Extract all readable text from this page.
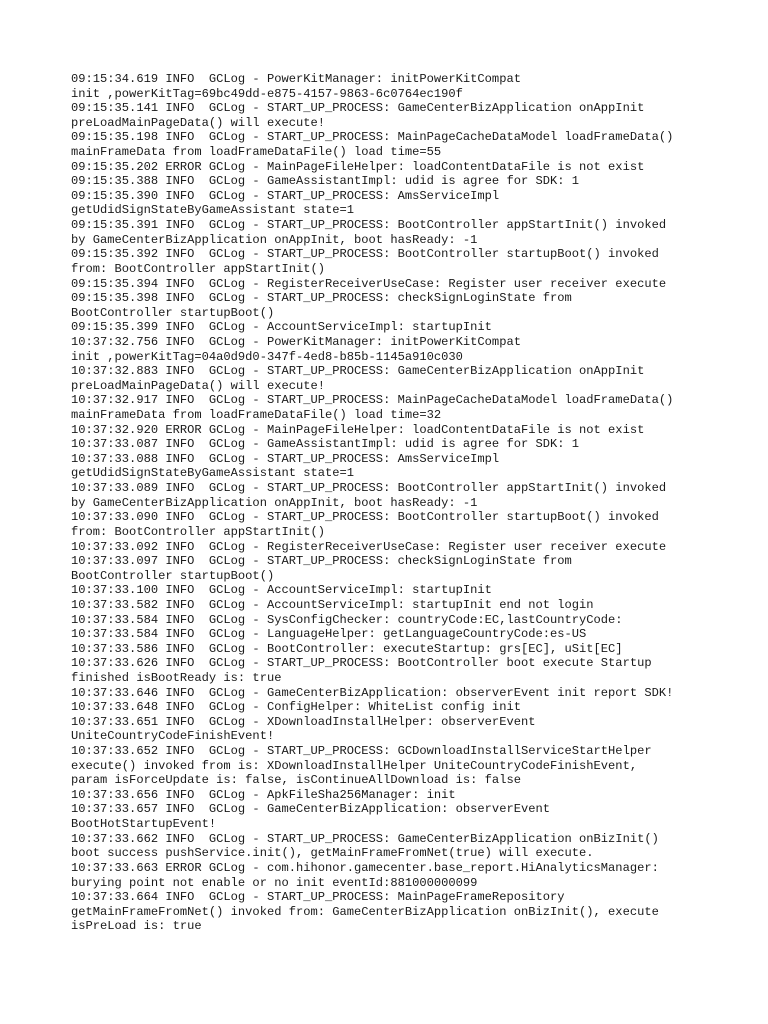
09:15:34.619 INFO  GCLog - PowerKitManager: initPowerKitCompat
init ,powerKitTag=69bc49dd-e875-4157-9863-6c0764ec190f
09:15:35.141 INFO  GCLog - START_UP_PROCESS: GameCenterBizApplication onAppInit
preLoadMainPageData() will execute!
09:15:35.198 INFO  GCLog - START_UP_PROCESS: MainPageCacheDataModel loadFrameData()
mainFrameData from loadFrameDataFile() load time=55
09:15:35.202 ERROR GCLog - MainPageFileHelper: loadContentDataFile is not exist
09:15:35.388 INFO  GCLog - GameAssistantImpl: udid is agree for SDK: 1
09:15:35.390 INFO  GCLog - START_UP_PROCESS: AmsServiceImpl
getUdidSignStateByGameAssistant state=1
09:15:35.391 INFO  GCLog - START_UP_PROCESS: BootController appStartInit() invoked
by GameCenterBizApplication onAppInit, boot hasReady: -1
09:15:35.392 INFO  GCLog - START_UP_PROCESS: BootController startupBoot() invoked
from: BootController appStartInit()
09:15:35.394 INFO  GCLog - RegisterReceiverUseCase: Register user receiver execute
09:15:35.398 INFO  GCLog - START_UP_PROCESS: checkSignLoginState from
BootController startupBoot()
09:15:35.399 INFO  GCLog - AccountServiceImpl: startupInit
10:37:32.756 INFO  GCLog - PowerKitManager: initPowerKitCompat
init ,powerKitTag=04a0d9d0-347f-4ed8-b85b-1145a910c030
10:37:32.883 INFO  GCLog - START_UP_PROCESS: GameCenterBizApplication onAppInit
preLoadMainPageData() will execute!
10:37:32.917 INFO  GCLog - START_UP_PROCESS: MainPageCacheDataModel loadFrameData()
mainFrameData from loadFrameDataFile() load time=32
10:37:32.920 ERROR GCLog - MainPageFileHelper: loadContentDataFile is not exist
10:37:33.087 INFO  GCLog - GameAssistantImpl: udid is agree for SDK: 1
10:37:33.088 INFO  GCLog - START_UP_PROCESS: AmsServiceImpl
getUdidSignStateByGameAssistant state=1
10:37:33.089 INFO  GCLog - START_UP_PROCESS: BootController appStartInit() invoked
by GameCenterBizApplication onAppInit, boot hasReady: -1
10:37:33.090 INFO  GCLog - START_UP_PROCESS: BootController startupBoot() invoked
from: BootController appStartInit()
10:37:33.092 INFO  GCLog - RegisterReceiverUseCase: Register user receiver execute
10:37:33.097 INFO  GCLog - START_UP_PROCESS: checkSignLoginState from
BootController startupBoot()
10:37:33.100 INFO  GCLog - AccountServiceImpl: startupInit
10:37:33.582 INFO  GCLog - AccountServiceImpl: startupInit end not login
10:37:33.584 INFO  GCLog - SysConfigChecker: countryCode:EC,lastCountryCode:
10:37:33.584 INFO  GCLog - LanguageHelper: getLanguageCountryCode:es-US
10:37:33.586 INFO  GCLog - BootController: executeStartup: grs[EC], uSit[EC]
10:37:33.626 INFO  GCLog - START_UP_PROCESS: BootController boot execute Startup
finished isBootReady is: true
10:37:33.646 INFO  GCLog - GameCenterBizApplication: observerEvent init report SDK!
10:37:33.648 INFO  GCLog - ConfigHelper: WhiteList config init
10:37:33.651 INFO  GCLog - XDownloadInstallHelper: observerEvent
UniteCountryCodeFinishEvent!
10:37:33.652 INFO  GCLog - START_UP_PROCESS: GCDownloadInstallServiceStartHelper
execute() invoked from is: XDownloadInstallHelper UniteCountryCodeFinishEvent,
param isForceUpdate is: false, isContinueAllDownload is: false
10:37:33.656 INFO  GCLog - ApkFileSha256Manager: init
10:37:33.657 INFO  GCLog - GameCenterBizApplication: observerEvent
BootHotStartupEvent!
10:37:33.662 INFO  GCLog - START_UP_PROCESS: GameCenterBizApplication onBizInit()
boot success pushService.init(), getMainFrameFromNet(true) will execute.
10:37:33.663 ERROR GCLog - com.hihonor.gamecenter.base_report.HiAnalyticsManager:
burying point not enable or no init eventId:881000000099
10:37:33.664 INFO  GCLog - START_UP_PROCESS: MainPageFrameRepository
getMainFrameFromNet() invoked from: GameCenterBizApplication onBizInit(), execute
isPreLoad is: true
